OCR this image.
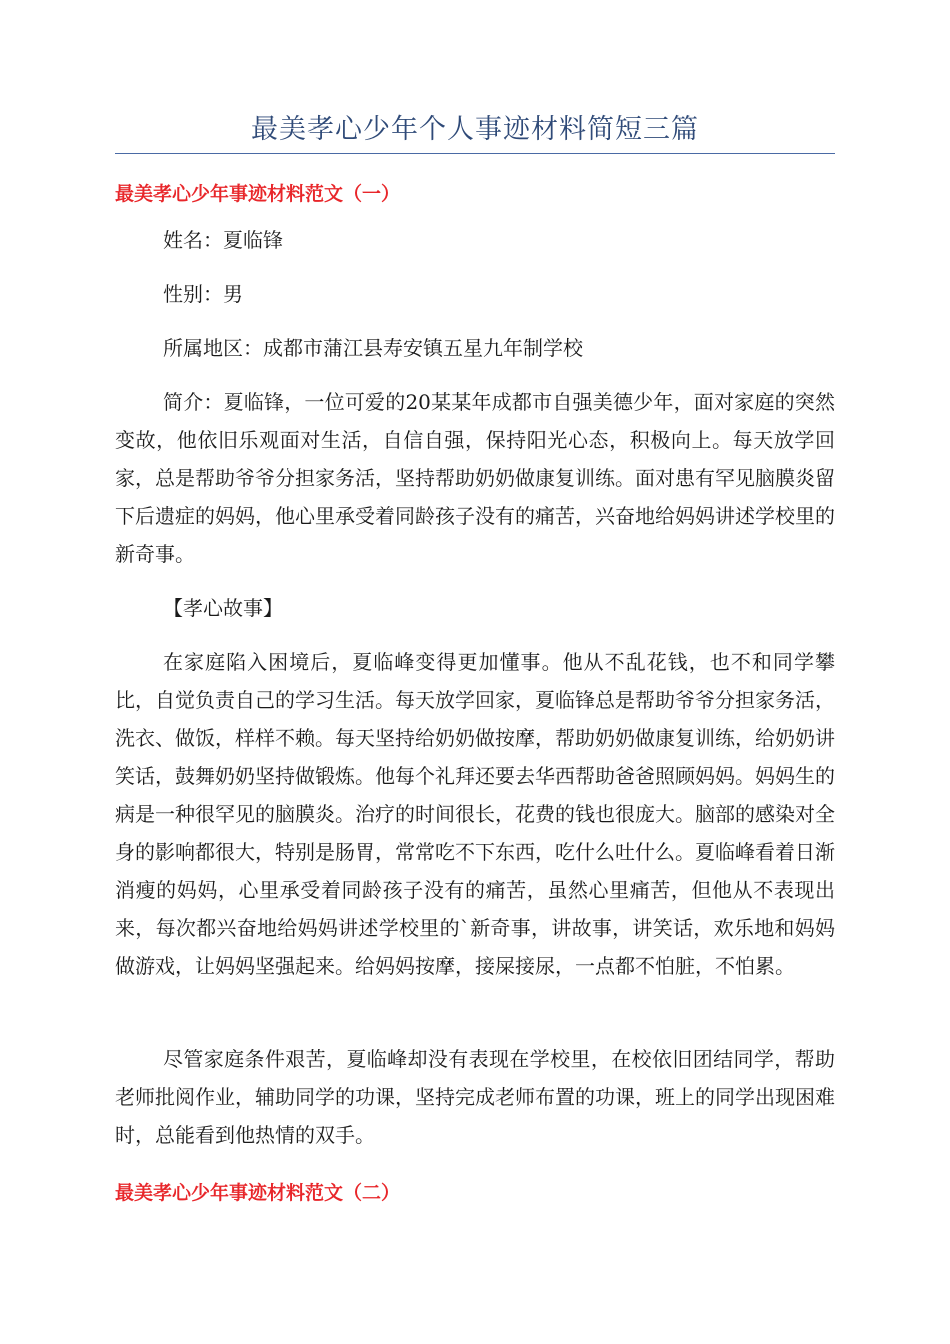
最美孝心少年个人事迹材料简短三篇
最美孝心少年事迹材料范文（一）

姓名：夏临锋

性别：男

所属地区：成都市蒲江县寿安镇五星九年制学校

简介：夏临锋，一位可爱的20某某年成都市自强美德少年，面对家庭的突然变故，他依旧乐观面对生活，自信自强，保持阳光心态，积极向上。每天放学回家，总是帮助爷爷分担家务活，坚持帮助奶奶做康复训练。面对患有罕见脑膜炎留下后遗症的妈妈，他心里承受着同龄孩子没有的痛苦，兴奋地给妈妈讲述学校里的新奇事。

【孝心故事】

在家庭陷入困境后，夏临峰变得更加懂事。他从不乱花钱，也不和同学攀比，自觉负责自己的学习生活。每天放学回家，夏临锋总是帮助爷爷分担家务活，洗衣、做饭，样样不赖。每天坚持给奶奶做按摩，帮助奶奶做康复训练，给奶奶讲笑话，鼓舞奶奶坚持做锻炼。他每个礼拜还要去华西帮助爸爸照顾妈妈。妈妈生的病是一种很罕见的脑膜炎。治疗的时间很长，花费的钱也很庞大。脑部的感染对全身的影响都很大，特别是肠胃，常常吃不下东西，吃什么吐什么。夏临峰看着日渐消瘦的妈妈，心里承受着同龄孩子没有的痛苦，虽然心里痛苦，但他从不表现出来，每次都兴奋地给妈妈讲述学校里的`新奇事，讲故事，讲笑话，欢乐地和妈妈做游戏，让妈妈坚强起来。给妈妈按摩，接屎接尿，一点都不怕脏，不怕累。

尽管家庭条件艰苦，夏临峰却没有表现在学校里，在校依旧团结同学，帮助老师批阅作业，辅助同学的功课，坚持完成老师布置的功课，班上的同学出现困难时，总能看到他热情的双手。

最美孝心少年事迹材料范文（二）
